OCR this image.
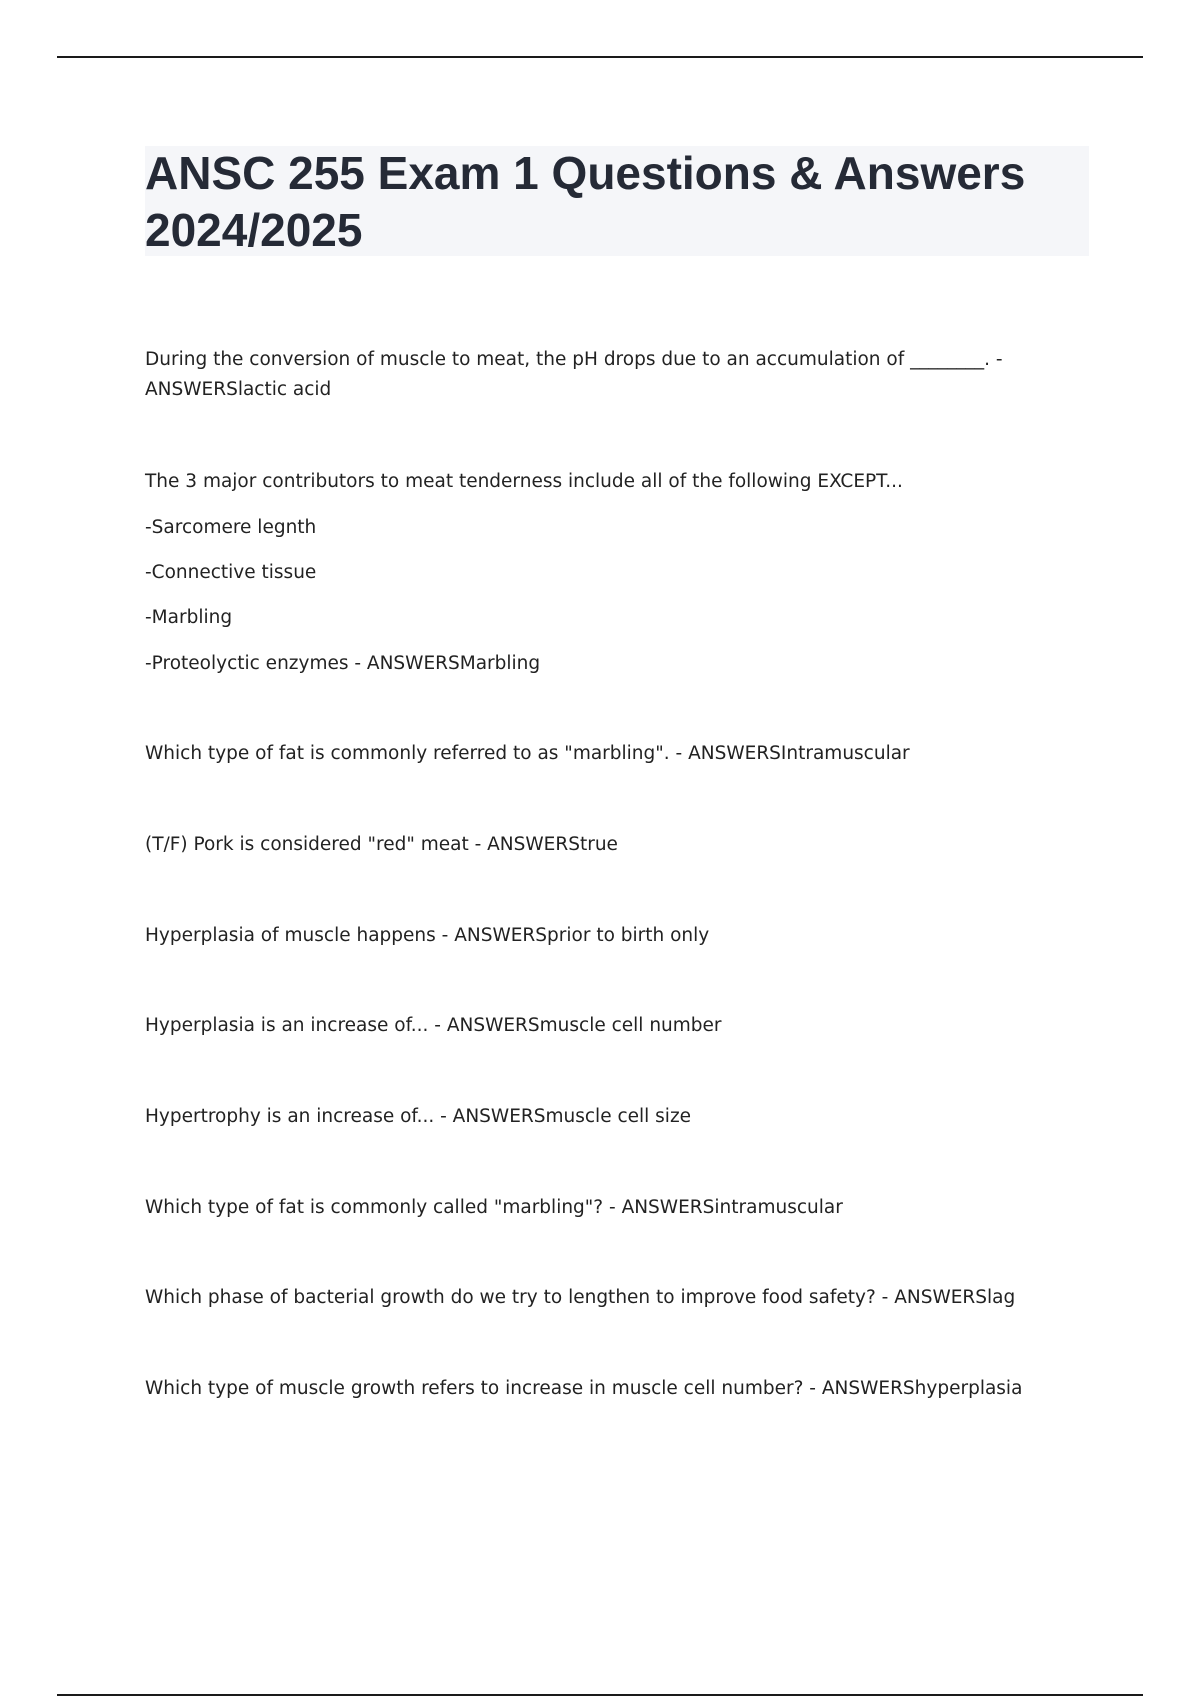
ANSC 255 Exam 1 Questions & Answers 2024/2025
During the conversion of muscle to meat, the pH drops due to an accumulation of ________. -
ANSWERSlactic acid
The 3 major contributors to meat tenderness include all of the following EXCEPT...
-Sarcomere legnth
-Connective tissue
-Marbling
-Proteolyctic enzymes - ANSWERSMarbling
Which type of fat is commonly referred to as "marbling". - ANSWERSIntramuscular
(T/F) Pork is considered "red" meat - ANSWERStrue
Hyperplasia of muscle happens - ANSWERSprior to birth only
Hyperplasia is an increase of... - ANSWERSmuscle cell number
Hypertrophy is an increase of... - ANSWERSmuscle cell size
Which type of fat is commonly called "marbling"? - ANSWERSintramuscular
Which phase of bacterial growth do we try to lengthen to improve food safety? - ANSWERSlag
Which type of muscle growth refers to increase in muscle cell number? - ANSWERShyperplasia
